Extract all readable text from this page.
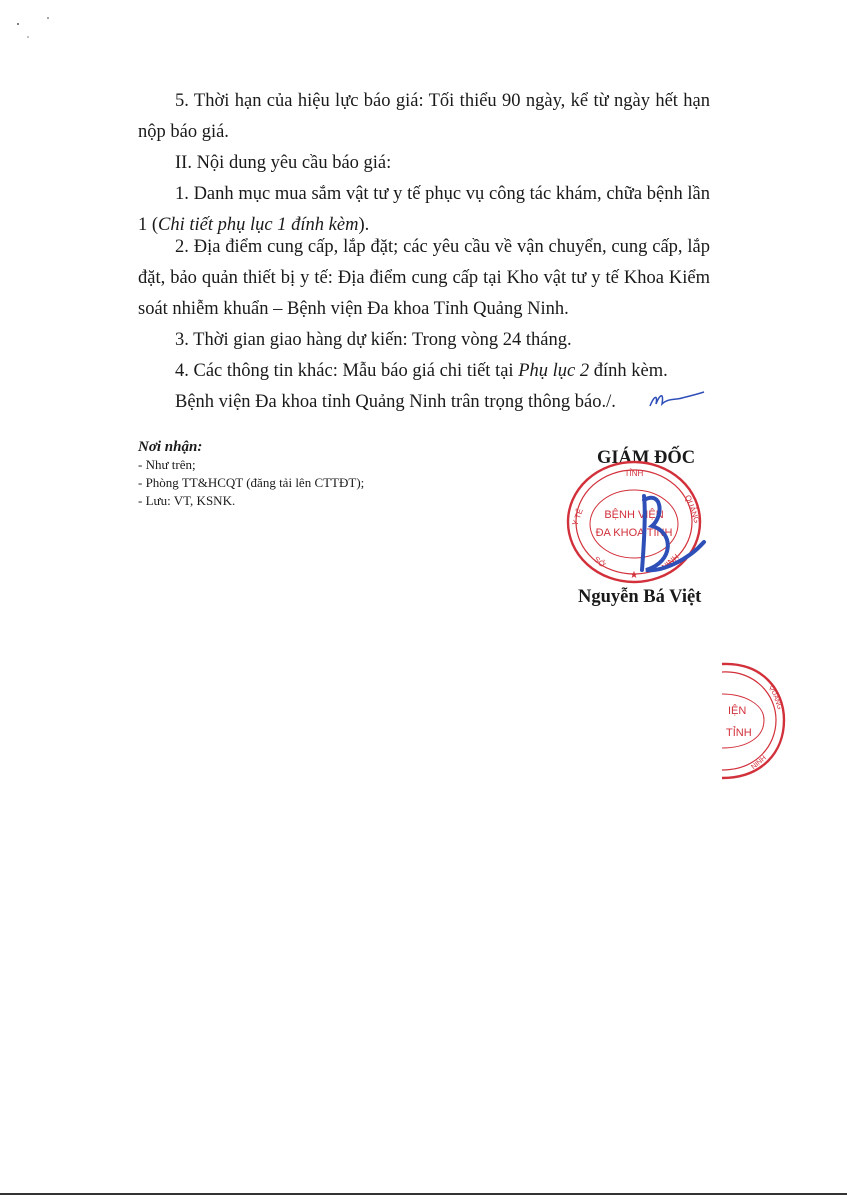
5. Thời hạn của hiệu lực báo giá: Tối thiểu 90 ngày, kể từ ngày hết hạn nộp báo giá.

II. Nội dung yêu cầu báo giá:

1. Danh mục mua sắm vật tư y tế phục vụ công tác khám, chữa bệnh lần 1 (Chi tiết phụ lục 1 đính kèm).

2. Địa điểm cung cấp, lắp đặt; các yêu cầu về vận chuyển, cung cấp, lắp đặt, bảo quản thiết bị y tế: Địa điểm cung cấp tại Kho vật tư y tế Khoa Kiểm soát nhiễm khuẩn – Bệnh viện Đa khoa Tỉnh Quảng Ninh.

3. Thời gian giao hàng dự kiến: Trong vòng 24 tháng.

4. Các thông tin khác: Mẫu báo giá chi tiết tại Phụ lục 2 đính kèm.

Bệnh viện Đa khoa tỉnh Quảng Ninh trân trọng thông báo./.

Nơi nhận:
- Như trên;
- Phòng TT&HCQT (đăng tải lên CTTĐT);
- Lưu: VT, KSNK.
GIÁM ĐỐC
TỈNH
QUẢNG
Y TẾ BỆNH VIỆN
ĐA KHOA TỈNH
SỞ	NINH
★
Nguyễn Bá Việt
IỆN
TỈNH
QUẢNG
NINH
